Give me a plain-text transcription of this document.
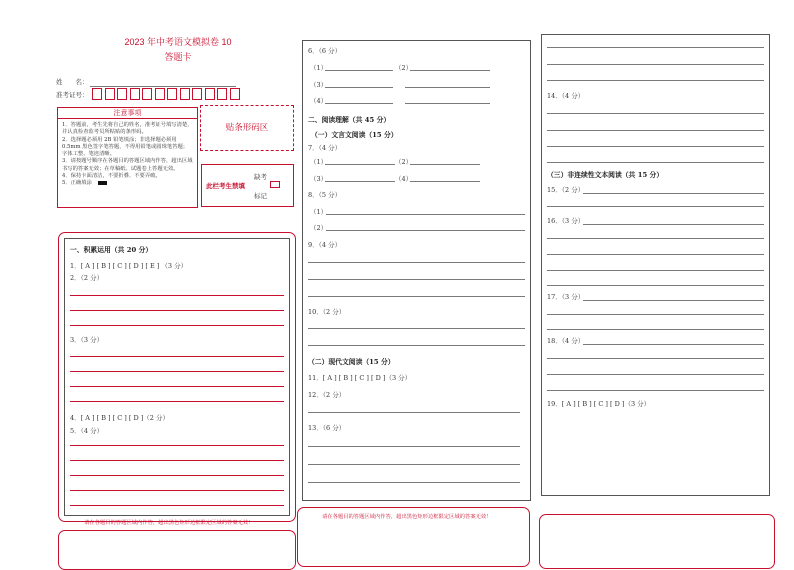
2023 年中考语文模拟卷 10
答题卡
姓　　名：
准考证号：
注意事项

1．答题前，考生先将自己的姓名，准考证号填写清楚，并认真检查监考员所粘贴的条形码。

2．选择题必须用 2B 铅笔填涂；非选择题必须用 0.5mm 黑色签字笔答题，不得用铅笔或圆珠笔答题；字体工整、笔迹清晰。

3．请按题号顺序在各题目的答题区域内作答，超出区域书写的答案无效；在草稿纸、试题卷上答题无效。

4．保持卡面清洁，不要折叠、不要弄破。

5．正确填涂

贴条形码区
此栏考生禁填
缺考
标记
一、积累运用（共 20 分）
1．[ A ] [ B ] [ C ] [ D ] [ E ] （3 分）
2．（2 分）
3．（3 分）
4．[ A ] [ B ] [ C ] [ D ]（2 分）
5．（4 分）
请在各题目的答题区域内作答，超出黑色矩形边框限定区域的答案无效！
6．（6 分）
（1）	（2）
（3）
（4）
二、阅读理解（共 45 分）
（一）文言文阅读（15 分）
7．（4 分）
（1）	（2）
（3）	（4）
8．（5 分）
（1）
（2）
9．（4 分）
10．（2 分）
（二）现代文阅读（15 分）
11．[ A ] [ B ] [ C ] [ D ]（3 分）
12．（2 分）
13．（6 分）
请在各题目的答题区域内作答，超出黑色矩形边框限定区域的答案无效！
14．（4 分）
（三）非连续性文本阅读（共 15 分）
15．（2 分）
16．（3 分）
17．（3 分）
18．（4 分）
19．[ A ] [ B ] [ C ] [ D ]（3 分）
